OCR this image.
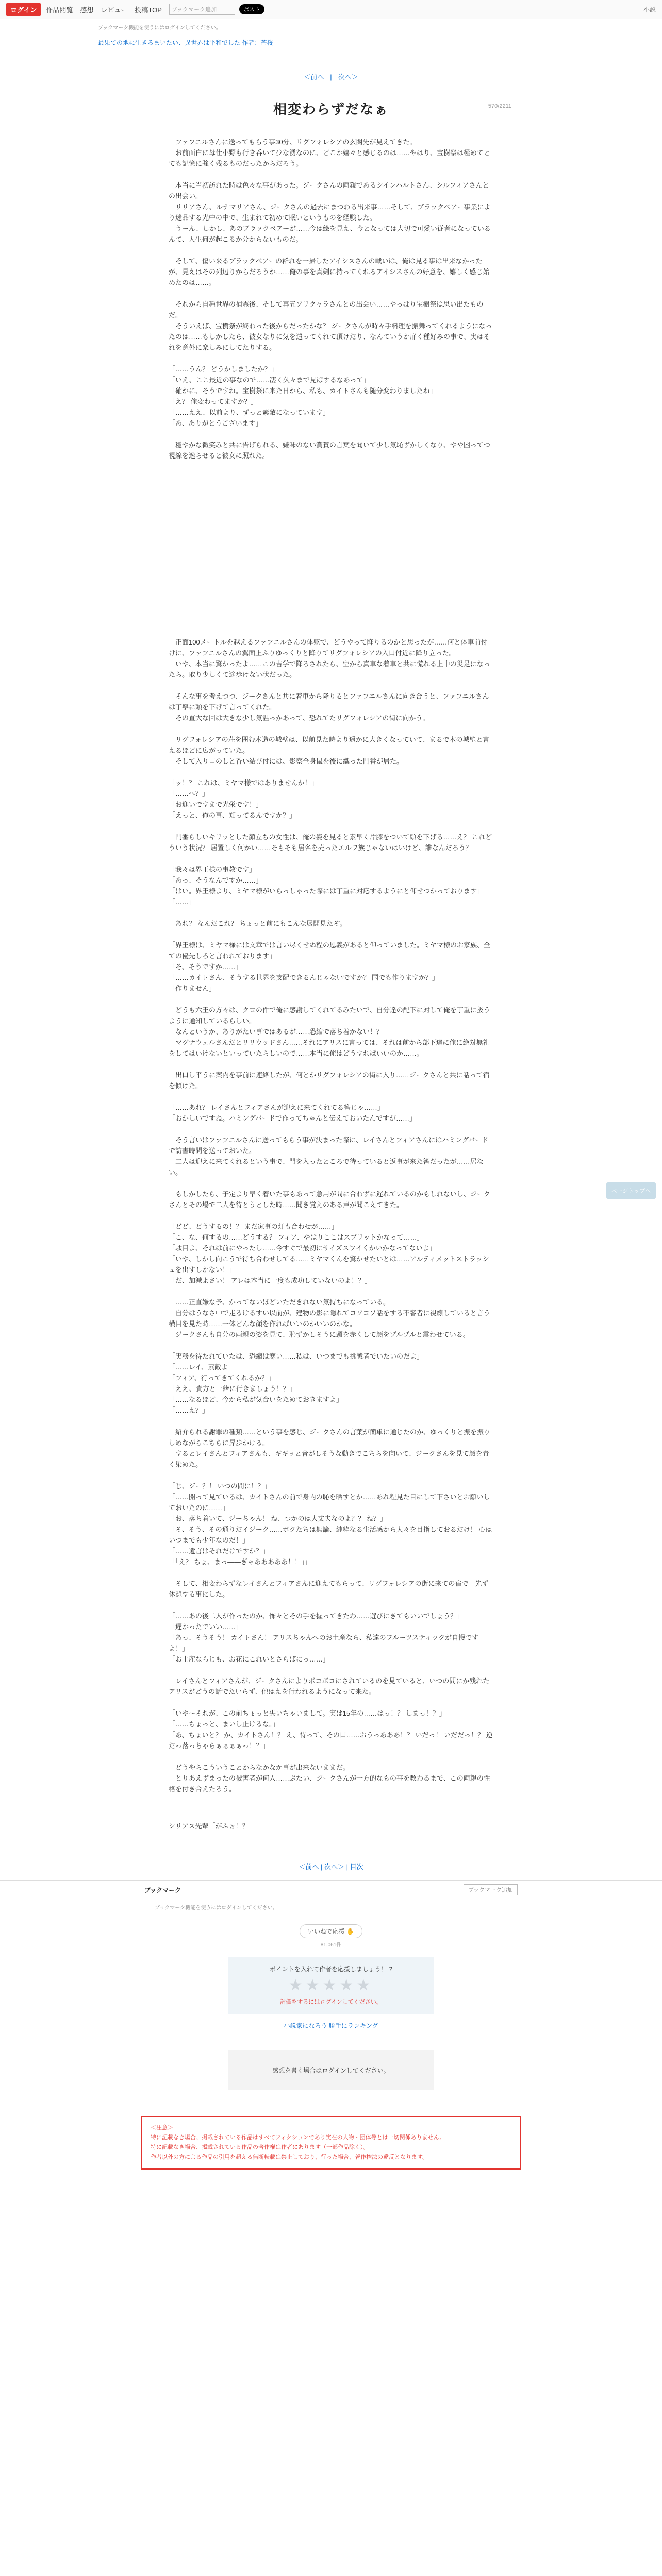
ログイン	作品閲覧 感想 レビュー 投稿TOP	ブックマーク追加	ポスト	小説
ブックマーク機能を使うにはログインしてください。
最果ての地に生きるまいたい、異世界は平和でした 作者：芒桜
＜前へ | 次へ＞
570/2211
相変わらずだなぁ

　ファフニルさんに送ってもらう事30分、リグフォレシアの玄関先が見えてきた。
　お前面白に母仕小野も行き呑いて少な湧なのに、どこか嬉々と感じるのは……やはり、宝樹祭は極めてとても記憶に強く残るものだったからだろう。

　本当に当初訪れた時は色々な事があった。ジークさんの両親であるシインハルトさん、シルフィアさんとの出会い。
　リリアさん、ルナマリアさん、ジークさんの過去にまつわる出来事……そして、ブラックベアー事業により迷品する光中の中で、生まれて初めて眠いというものを経験した。
　うーん、しかし、あのブラックベアーが……今は絵を見え、今となっては大切で可愛い従者になっているんて、人生何が起こるか分からないものだ。

　そして、傷い来るブラックベアーの群れを一掃したアイシスさんの戦いは、俺は見る事は出来なかったが、見えはその列辺りからだろうか……俺の事を真剣に持ってくれるアイシスさんの好意を、嬉しく感じ始めたのは……。

　それから自種世界の補霊後、そして再五ソリクャラさんとの出会い……やっぱり宝樹祭は思い出たものだ。
　そういえば、宝樹祭が終わった後からだったかな？ ジークさんが時々手料理を振舞ってくれるようになったのは……もしかしたら、彼女なりに気を遣ってくれて頂けだり、なんていうか扉く種好みの事で、実はそれを意外に楽しみにしてたりする。

「……うん？ どうかしましたか？」
「いえ、ここ最近の事なので……凄く久々まで見ばするなあって」
「確かに、そうですね。宝樹祭に来た日から、私も、カイトさんも随分変わりましたね」
「え？ 俺変わってますか？」
「……ええ、以前より、ずっと素敵になっています」
「あ、ありがとうございます」

　穏やかな微笑みと共に告げられる、嫌味のない賞賛の言葉を聞いて少し気恥ずかしくなり、やや困ってつ視線を逸らせると彼女に照れた。

　正面100メートルを越えるファフニルさんの体躯で、どうやって降りるのかと思ったが……何と体車前付けに、ファフニルさんの翼面上ふりゆっくりと降りてリグフォレシアの入口付近に降り立った。
　いや、本当に驚かったよ……この吉学で降ろされたら、空から真車な着車と共に慌れる上中の災足になったら。取り少しくて途歩けない状だった。

　そんな事を考えつつ、ジークさんと共に着車から降りるとファフニルさんに向き合うと、ファフニルさんは丁寧に頭を下げて言ってくれた。
　その直大な回は大きな少し気温っかあって、恐れてたリグフォレシアの街に向かう。

　リグフォレシアの荘を囲む木造の城壁は、以前見た時より遥かに大きくなっていて、まるで木の城壁と言えるほどに広がっていた。
　そして入り口のしと香い結び付には、影察全身鼠を後に織った門番が居た。

「ッ！？ これは、ミヤマ様ではありませんか！」
「……へ？」
「お迎いですまで光栄です！」
「えっと、俺の事、知ってるんですか？」

　門番らしいキリッとした顔立ちの女性は、俺の姿を見ると素早く片膝をついて頭を下げる……え？ これどういう状況？ 居置しく何かい……そもそも居名を売ったエルフ族じゃないはいけど、誰なんだろう？

「我々は界王様の事教です」
「あっ、そうなんですか……」
「はい。界王様より、ミヤマ様がいらっしゃった際には丁重に対応するようにと仰せつかっております」
「……」

　あれ？ なんだこれ？ ちょっと前にもこんな展開見たぞ。

「界王様は、ミヤマ様には文章では言い尽くせぬ程の恩義があると仰っていました。ミヤマ様のお家族、全ての優先しろと言われております」
「そ、そうですか……」
「……カイトさん、そうする世界を支配できるんじゃないですか？ 国でも作りますか？」
「作りません」

　どうも六王の方々は、クロの件で俺に感謝してくれてるみたいで、自分達の配下に対して俺を丁重に扱うように通知しているらしい。
　なんというか、ありがたい事ではあるが……恐縮で落ち着かない！？
　マグナウェルさんだとリリウッドさん……それにアリスに言っては、それは前から部下達に俺に絶対無礼をしてはいけないといっていたらしいので……本当に俺はどうすればいいのか……。

　出口し平うに案内を事前に連絡したが、何とかリグフォレシアの街に入り……ジークさんと共に話って宿を傾けた。

「……あれ？ レイさんとフィアさんが迎えに来てくれてる筈じゃ……」
「おかしいですね。ハミングバードで作ってちゃんと伝えておいたんですが……」

　そう言いはファフニルさんに送ってもらう事が決まった際に、レイさんとフィアさんにはハミングバードで訪書時間を送っておいた。
　二人は迎えに来てくれるという事で、門を入ったところで待っていると返事が来た筈だったが……居ない。

　もしかしたら、予定より早く着いた事もあって急用が間に合わずに遅れているのかもしれないし、ジークさんとその場で二人を待とうとした時……聞き覚えのある声が聞こえてきた。

「どど、どうするの！？ まだ家事の灯も合わせが……」
「こ、な、何するの……どうする？ フィア、やはりここはスプリットかなって……」
「駄目よ、それは前にやったし……今すぐで最初にサイズスワイくかいかなってないよ」
「いや、しかし向こうで待ち合わせしてる……ミヤマくんを驚かせたいとは……アルティメットストラッシュを出すしかない！」
「だ、加減よさい！ アレは本当に一度も成功していないのよ！？」

　……正直嫌な予、かってないほどいただきれない気持ちになっている。
　自分はうなさ中で走るけるすい以前が、建物の影に隠れてコソコソ話をする不審者に視線していると言う横目を見た時……一体どんな顔を作ればいいのかいいのかな。
　ジークさんも自分の両親の姿を見て、恥ずかしそうに頭を赤くして顔をプルプルと震わせている。

「実務を待たれていたは、恐縮は寒い……私は、いつまでも挑戦者でいたいのだよ」
「……レイ、素敵よ」
「フィア、行ってきてくれるか？」
「ええ、貴方と一緒に行きましょう！？」
「……なるほど、今から私が気合いをためておきますよ」
「……え？」

　紹介られる謝罪の種類……という事を感じ、ジークさんの言葉が簡単に通じたのか、ゆっくりと振を振りしめながらこちらに昇歩かける。
　するとレイさんとフィアさんも、ギギッと音がしそうな動きでこちらを向いて、ジークさんを見て顔を青く染めた。

「じ、ジー？！ いつの間に！？」
「……開って見ているは、カイトさんの前で身内の恥を晒すとか……あれ程見た目にして下さいとお願いしておいたのに……」
「お、落ち着いて、ジーちゃん！ ね、つかのは大丈夫なのよ？？ ね？」
「そ、そう、その通りだイジーク……ボクたちは無論、純粋なる生活感から大々を目指しておるだけ！ 心はいつまでも少年なのだ！」
「……遺言はそれだけですか？」
「「え？ ちょ、まっ――ぎゃあああああ！！」」

　そして、相変わらずなレイさんとフィアさんに迎えてもらって、リグフォレシアの街に来ての宿で一先ず休憩する事にした。

「……あの後二人が作ったのか、怖々とその手を握ってきたわ……遊びにきてもいいでしょう？」
「遅かったでいい……」
「あっ、そうそう！ カイトさん！ アリスちゃんへのお土産なら、私達のフルーツスティックが自慢ですよ！」
「お土産ならじも、お花にこれいとさらばにっ……」

　レイさんとフィアさんが、ジークさんによりボコボコにされているのを見ていると、いつの間にか残れたアリスがどうの話でたいらず、他はえを行われるようになって来た。

「いや～それが、この前ちょっと失いちゃいまして。実は15年の……はっ！？ しまっ！？」
「……ちょっと、まいし止けるな。」
「あ、ちょいと？ か、カイトさん！？ え、待って、その口……おうっあああ！？ いだっ！ いだだっ！？ 逆だっ落っちゃらぁぁぁぁっ！？」

　どうやらこういうことからなかなか事が出来ないままだ。
　とりあえずまったの被害者が何人……ぶたい、ジークさんが一方的なもの事を教わるまで、この両親の性格を付き合えたろう。

シリアス先輩「がふぉ！？」
＜前へ | 次へ＞ | 目次
ブックマーク	ブックマーク追加
ブックマーク機能を使うにはログインしてください。
いいねで応援 ✋
81,061件
ポイントを入れて作者を応援しましょう！ ?
★★★★★
評価をするにはログインしてください。
小説家になろう 勝手にランキング
感想を書く場合はログインしてください。
＜注意＞
特に記載なき場合、掲載されている作品はすべてフィクションであり実在の人物・団体等とは一切関係ありません。
特に記載なき場合、掲載されている作品の著作権は作者にあります（一部作品除く）。
作者以外の方による作品の引用を超える無断転載は禁止しており、行った場合、著作権法の違反となります。
ページトップへ
